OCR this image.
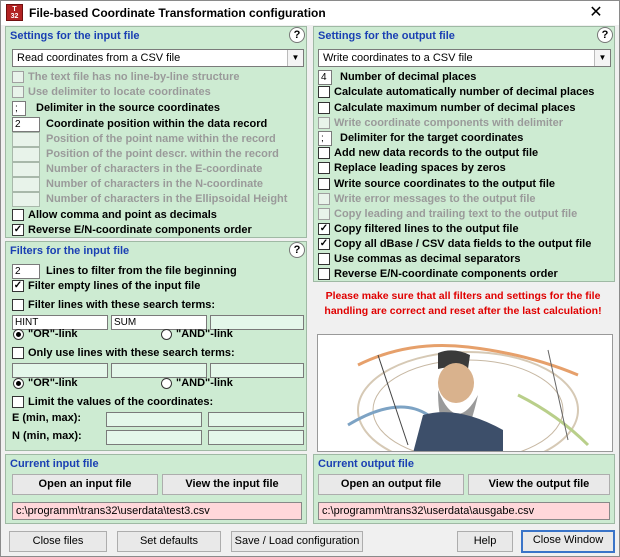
T
32 File-based Coordinate Transformation configuration	✕
Settings for the input file	?
Read coordinates from a CSV file	▼
The text file has no line-by-line structure
Use delimiter to locate coordinates
;	Delimiter in the source coordinates
2	Coordinate position within the data record
Position of the point name within the record
Position of the point descr. within the record
Number of characters in the E-coordinate
Number of characters in the N-coordinate
Number of characters in the Ellipsoidal Height
Allow comma and point as decimals
✓ Reverse E/N-coordinate components order
Settings for the output file	?
Write coordinates to a CSV file	▼
4	Number of decimal places
Calculate automatically number of decimal places
Calculate maximum number of decimal places
Write coordinate components with delimiter
;	Delimiter for the target coordinates
Add new data records to the output file
Replace leading spaces by zeros
Write source coordinates to the output file
Write error messages to the output file
Copy leading and trailing text to the output file
✓ Copy filtered lines to the output file
✓ Copy all dBase / CSV data fields to the output file
Use commas as decimal separators
Reverse E/N-coordinate components order
Please make sure that all filters and settings for the file handling are correct and reset after the last calculation!
Filters for the input file	?
2	Lines to filter from the file beginning
✓ Filter empty lines of the input file
Filter lines with these search terms:
HINT	SUM
"OR"-link	"AND"-link
Only use lines with these search terms:
"OR"-link	"AND"-link
Limit the values of the coordinates:
E (min, max):
N (min, max):
Current input file
Open an input file	View the input file
c:\programm\trans32\userdata\test3.csv
Current output file
Open an output file	View the output file
c:\programm\trans32\userdata\ausgabe.csv
Close files	Set defaults	Save / Load configuration	Help	Close Window
